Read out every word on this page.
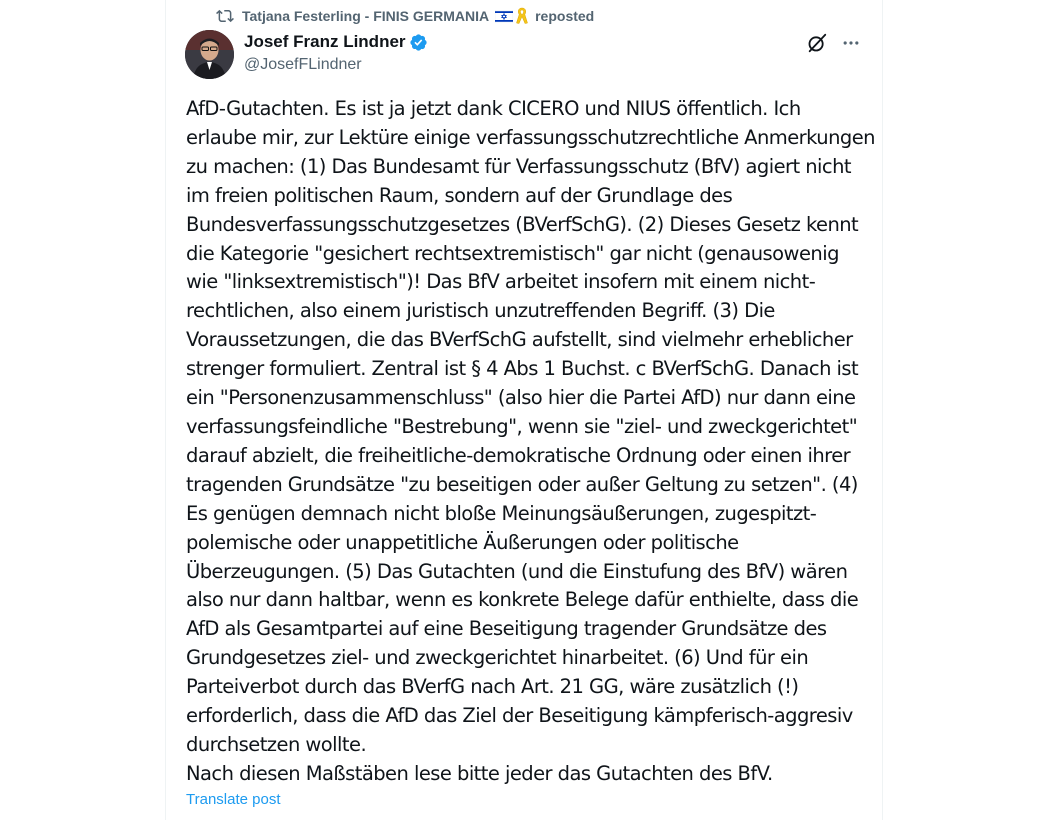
Tatjana Festerling - FINIS GERMANIA	reposted
Josef Franz Lindner
@JosefFLindner
AfD-Gutachten. Es ist ja jetzt dank CICERO und NIUS öffentlich. Ich erlaube mir, zur Lektüre einige verfassungsschutzrechtliche Anmerkungen zu machen: (1) Das Bundesamt für Verfassungsschutz (BfV) agiert nicht im freien politischen Raum, sondern auf der Grundlage des Bundesverfassungsschutzgesetzes (BVerfSchG). (2) Dieses Gesetz kennt die Kategorie "gesichert rechtsextremistisch" gar nicht (genausowenig wie "linksextremistisch")! Das BfV arbeitet insofern mit einem nicht-rechtlichen, also einem juristisch unzutreffenden Begriff. (3) Die Voraussetzungen, die das BVerfSchG aufstellt, sind vielmehr erheblicher strenger formuliert. Zentral ist § 4 Abs 1 Buchst. c BVerfSchG. Danach ist ein "Personenzusammenschluss" (also hier die Partei AfD) nur dann eine verfassungsfeindliche "Bestrebung", wenn sie "ziel- und zweckgerichtet" darauf abzielt, die freiheitliche-demokratische Ordnung oder einen ihrer tragenden Grundsätze "zu beseitigen oder außer Geltung zu setzen". (4) Es genügen demnach nicht bloße Meinungsäußerungen, zugespitzt-polemische oder unappetitliche Äußerungen oder politische Überzeugungen. (5) Das Gutachten (und die Einstufung des BfV) wären also nur dann haltbar, wenn es konkrete Belege dafür enthielte, dass die AfD als Gesamtpartei auf eine Beseitigung tragender Grundsätze des Grundgesetzes ziel- und zweckgerichtet hinarbeitet. (6) Und für ein Parteiverbot durch das BVerfG nach Art. 21 GG, wäre zusätzlich (!) erforderlich, dass die AfD das Ziel der Beseitigung kämpferisch-aggresiv durchsetzen wollte.
Nach diesen Maßstäben lese bitte jeder das Gutachten des BfV.
Translate post
